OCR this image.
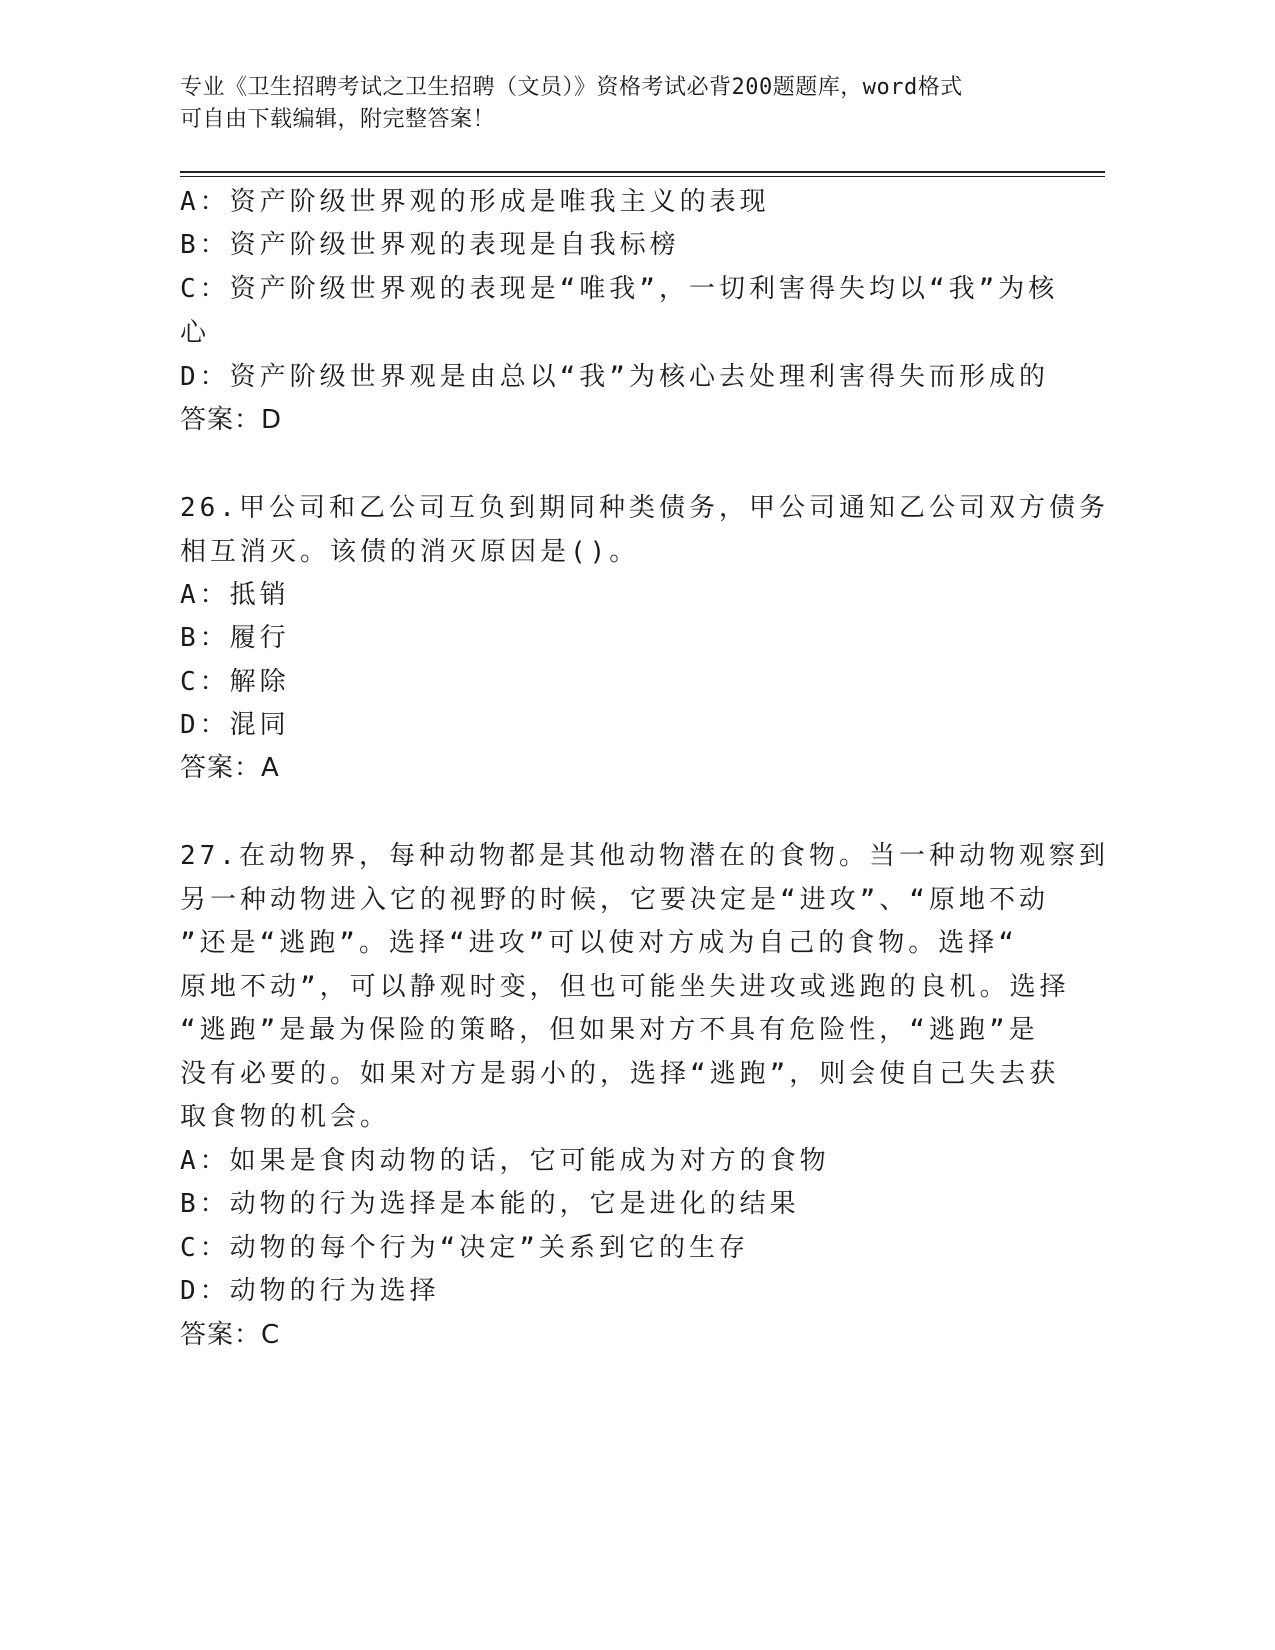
专业《卫生招聘考试之卫生招聘（文员）》资格考试必背200题题库，word格式
可自由下载编辑，附完整答案！
A：资产阶级世界观的形成是唯我主义的表现
B：资产阶级世界观的表现是自我标榜
C：资产阶级世界观的表现是“唯我”，一切利害得失均以“我”为核
心
D：资产阶级世界观是由总以“我”为核心去处理利害得失而形成的
答案：D
26.甲公司和乙公司互负到期同种类债务，甲公司通知乙公司双方债务
相互消灭。该债的消灭原因是()。
A：抵销
B：履行
C：解除
D：混同
答案：A
27.在动物界，每种动物都是其他动物潜在的食物。当一种动物观察到
另一种动物进入它的视野的时候，它要决定是“进攻”、“原地不动
”还是“逃跑”。选择“进攻”可以使对方成为自己的食物。选择“
原地不动”，可以静观时变，但也可能坐失进攻或逃跑的良机。选择
“逃跑”是最为保险的策略，但如果对方不具有危险性，“逃跑”是
没有必要的。如果对方是弱小的，选择“逃跑”，则会使自己失去获
取食物的机会。
A：如果是食肉动物的话，它可能成为对方的食物
B：动物的行为选择是本能的，它是进化的结果
C：动物的每个行为“决定”关系到它的生存
D：动物的行为选择
答案：C
